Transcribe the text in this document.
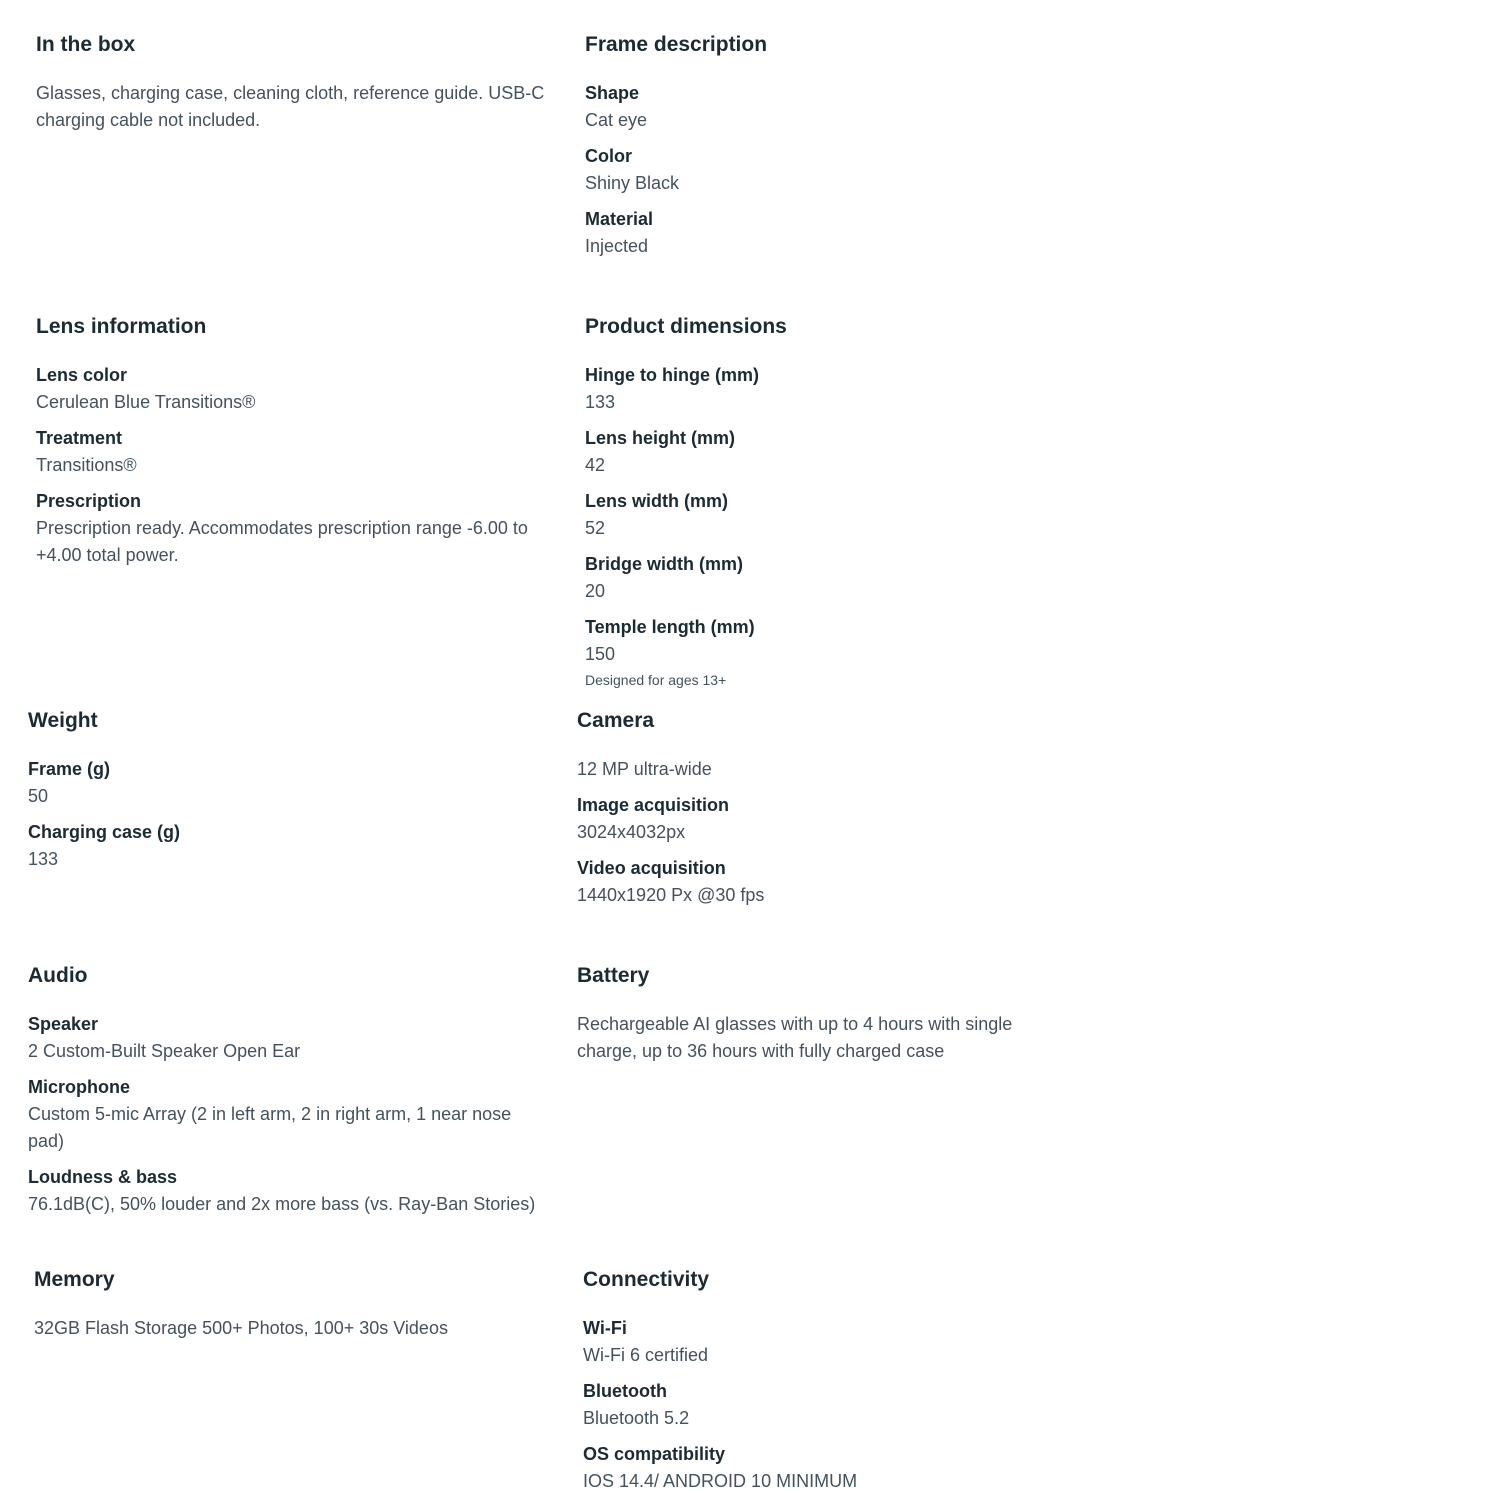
In the box

Glasses, charging case, cleaning cloth, reference guide. USB-C charging cable not included.

Frame description
Shape
Cat eye
Color
Shiny Black
Material
Injected
Lens information
Lens color
Cerulean Blue Transitions®
Treatment
Transitions®
Prescription
Prescription ready. Accommodates prescription range -6.00 to +4.00 total power.
Product dimensions
Hinge to hinge (mm)
133
Lens height (mm)
42
Lens width (mm)
52
Bridge width (mm)
20
Temple length (mm)
150
Designed for ages 13+
Weight
Frame (g)
50
Charging case (g)
133
Camera

12 MP ultra-wide

Image acquisition
3024x4032px
Video acquisition
1440x1920 Px @30 fps
Audio
Speaker
2 Custom-Built Speaker Open Ear
Microphone
Custom 5-mic Array (2 in left arm, 2 in right arm, 1 near nose pad)
Loudness & bass
76.1dB(C), 50% louder and 2x more bass (vs. Ray-Ban Stories)
Battery

Rechargeable AI glasses with up to 4 hours with single charge, up to 36 hours with fully charged case

Memory

32GB Flash Storage 500+ Photos, 100+ 30s Videos

Connectivity
Wi-Fi
Wi-Fi 6 certified
Bluetooth
Bluetooth 5.2
OS compatibility
IOS 14.4/ ANDROID 10 MINIMUM
